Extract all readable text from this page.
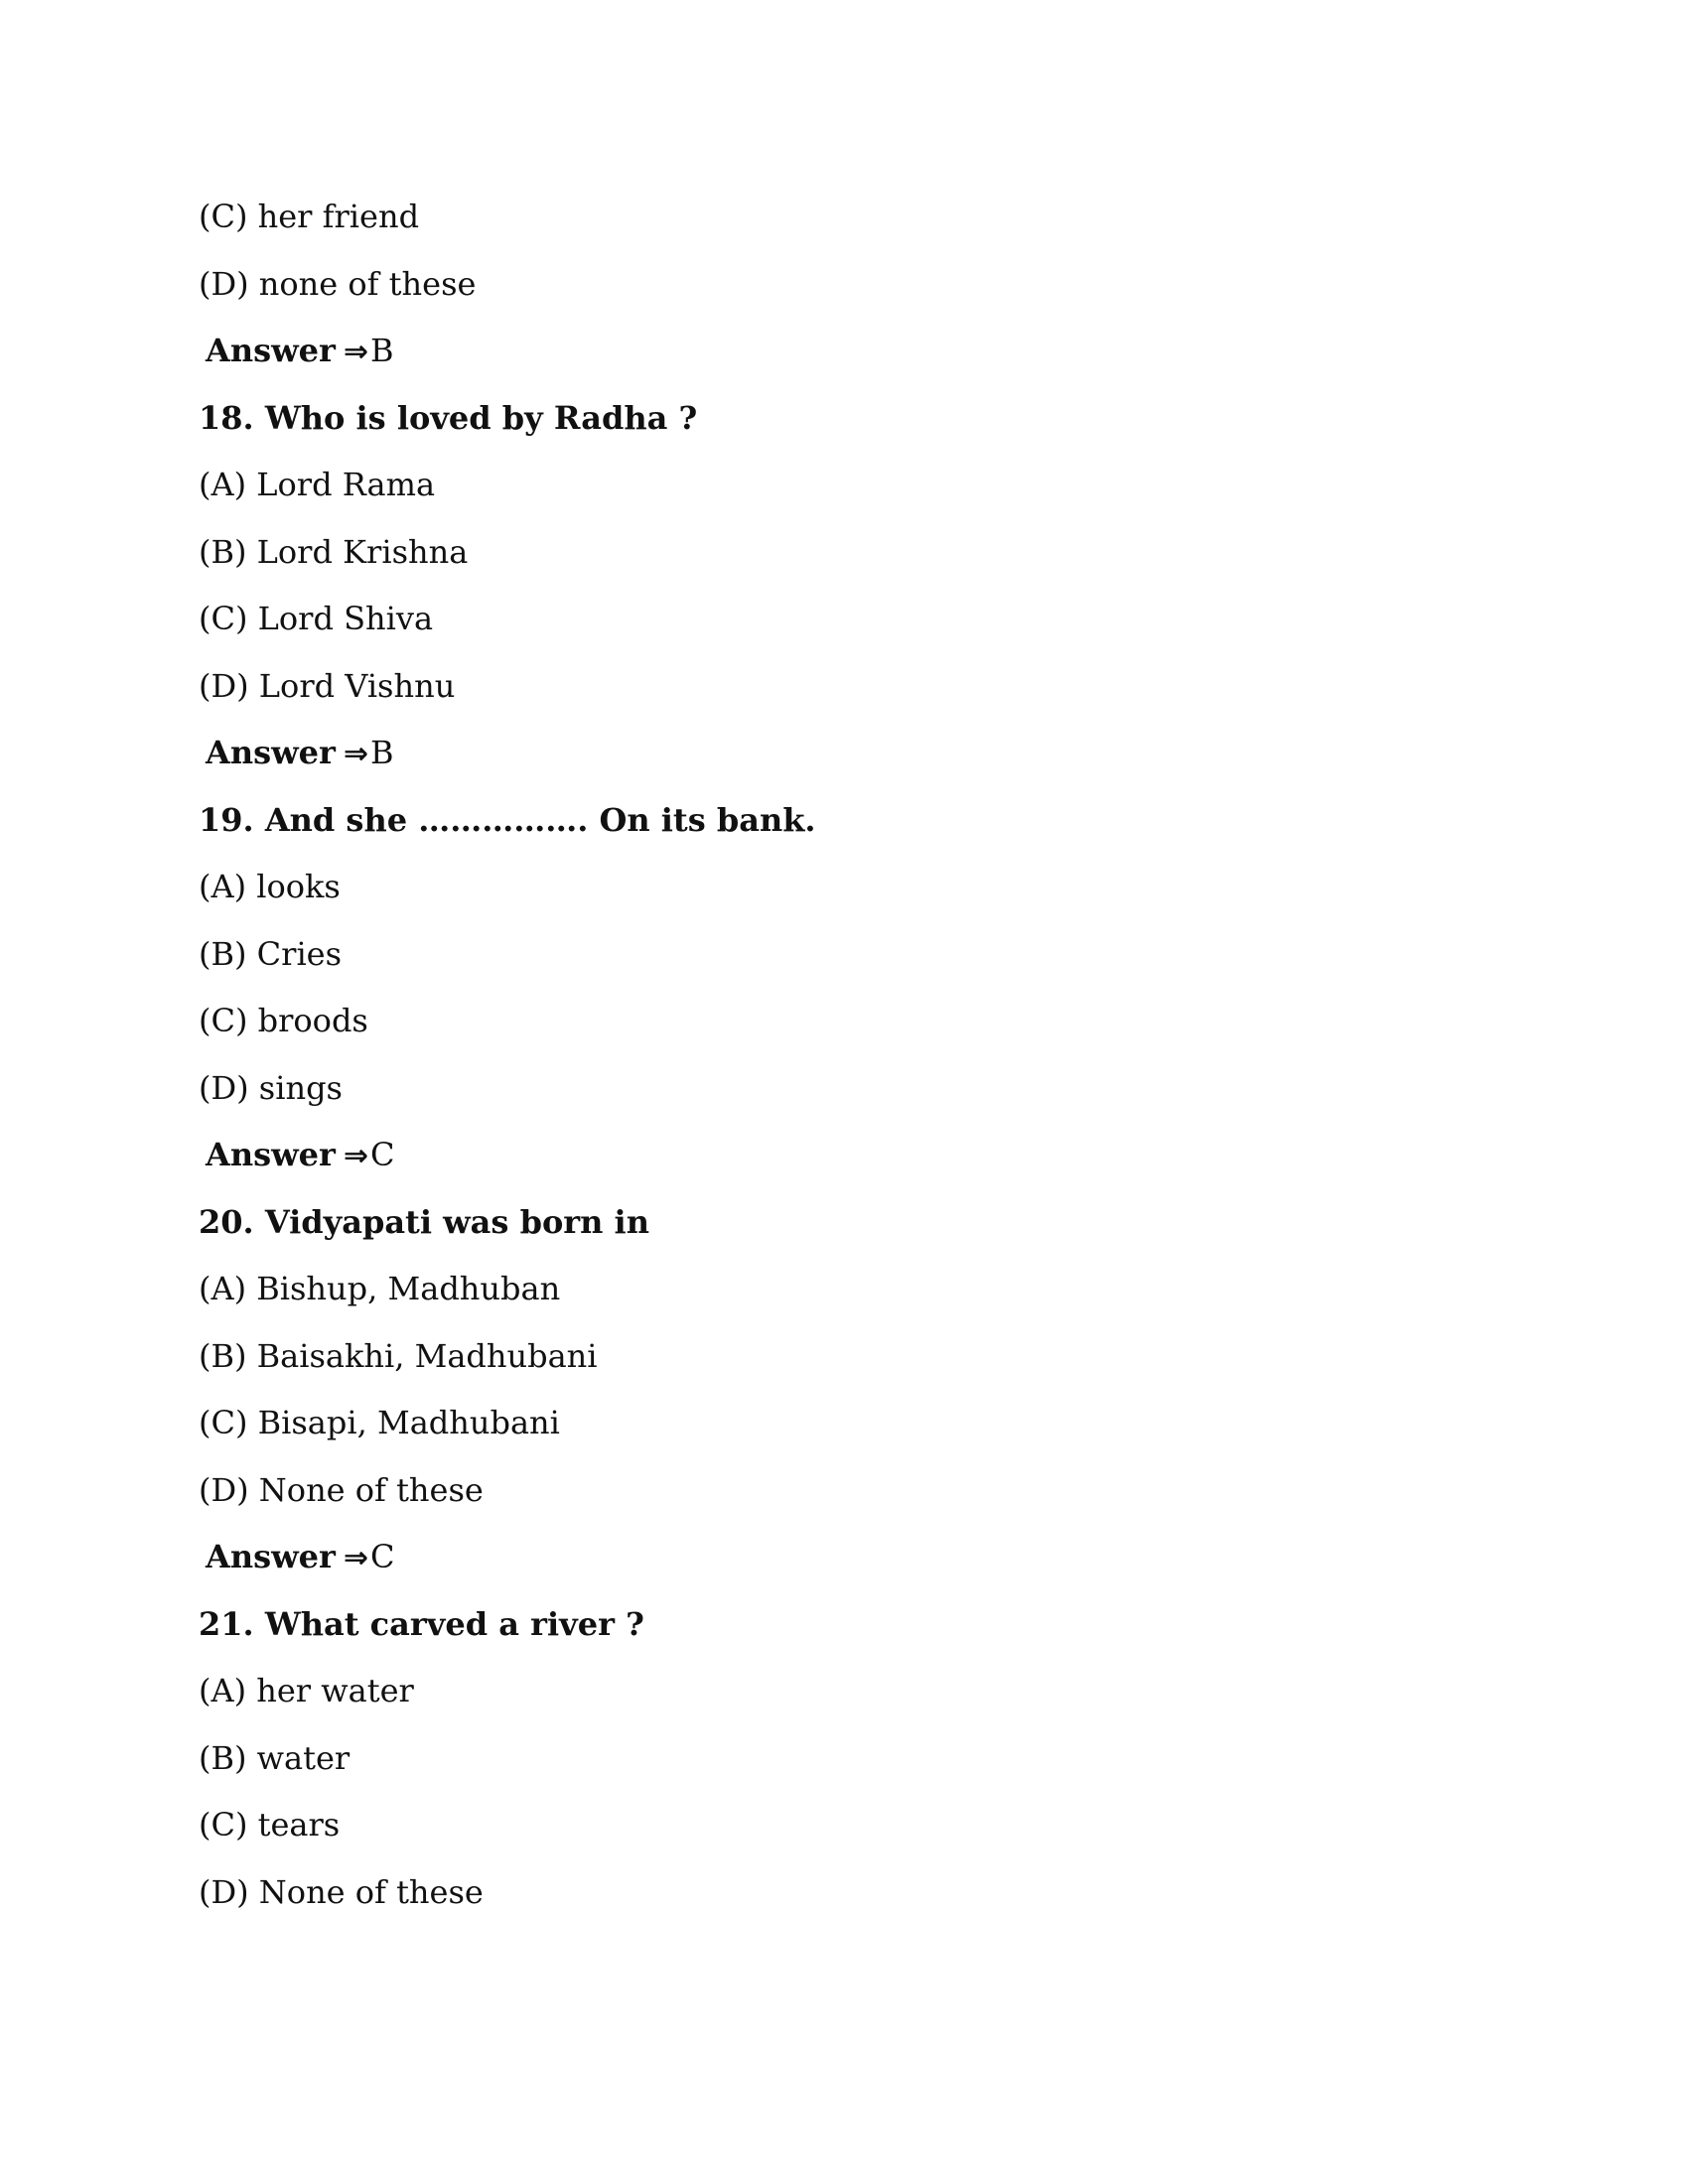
(C) her friend
(D) none of these
Answer ⇒B
18. Who is loved by Radha ?
(A) Lord Rama
(B) Lord Krishna
(C) Lord Shiva
(D) Lord Vishnu
Answer ⇒B
19. And she ……………. On its bank.
(A) looks
(B) Cries
(C) broods
(D) sings
Answer ⇒C
20. Vidyapati was born in
(A) Bishup, Madhuban
(B) Baisakhi, Madhubani
(C) Bisapi, Madhubani
(D) None of these
Answer ⇒C
21. What carved a river ?
(A) her water
(B) water
(C) tears
(D) None of these
